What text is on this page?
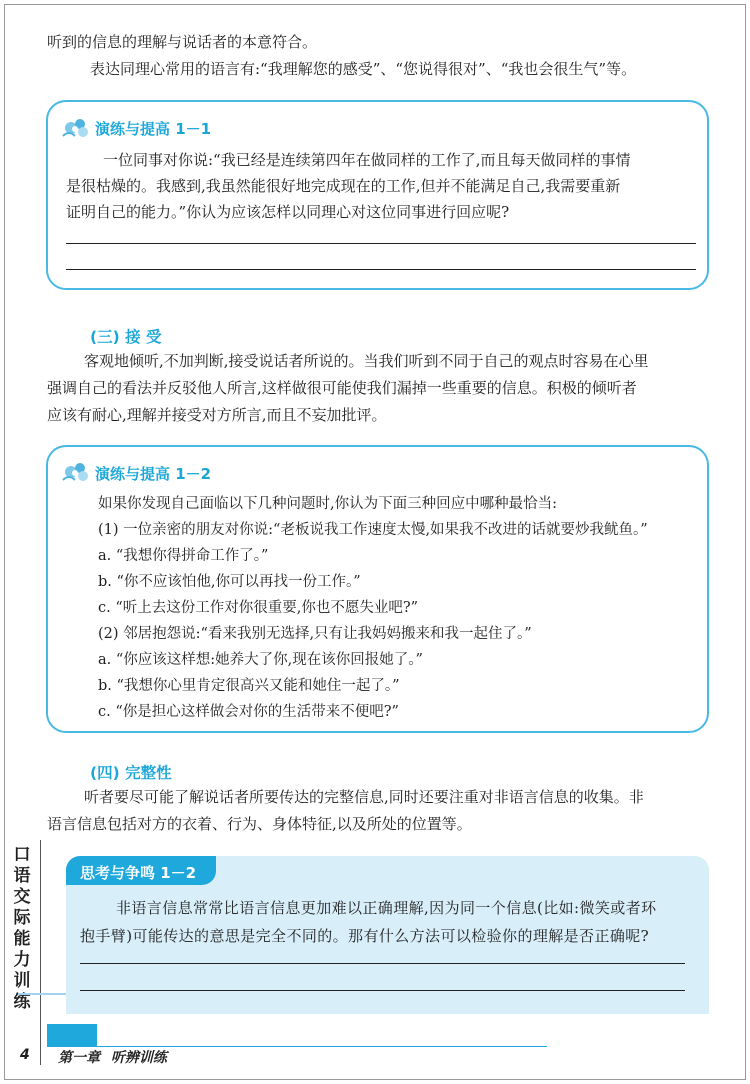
听到的信息的理解与说话者的本意符合。
表达同理心常用的语言有:“我理解您的感受”、“您说得很对”、“我也会很生气”等。
演练与提高 1－1
一位同事对你说:“我已经是连续第四年在做同样的工作了,而且每天做同样的事情
是很枯燥的。我感到,我虽然能很好地完成现在的工作,但并不能满足自己,我需要重新
证明自己的能力。”你认为应该怎样以同理心对这位同事进行回应呢?
(三) 接 受
客观地倾听,不加判断,接受说话者所说的。当我们听到不同于自己的观点时容易在心里
强调自己的看法并反驳他人所言,这样做很可能使我们漏掉一些重要的信息。积极的倾听者
应该有耐心,理解并接受对方所言,而且不妄加批评。
演练与提高 1－2
如果你发现自己面临以下几种问题时,你认为下面三种回应中哪种最恰当:
(1) 一位亲密的朋友对你说:“老板说我工作速度太慢,如果我不改进的话就要炒我鱿鱼。”
a. “我想你得拼命工作了。”
b. “你不应该怕他,你可以再找一份工作。”
c. “听上去这份工作对你很重要,你也不愿失业吧?”
(2) 邻居抱怨说:“看来我别无选择,只有让我妈妈搬来和我一起住了。”
a. “你应该这样想:她养大了你,现在该你回报她了。”
b. “我想你心里肯定很高兴又能和她住一起了。”
c. “你是担心这样做会对你的生活带来不便吧?”
(四) 完整性
听者要尽可能了解说话者所要传达的完整信息,同时还要注重对非语言信息的收集。非
语言信息包括对方的衣着、行为、身体特征,以及所处的位置等。
思考与争鸣 1－2
非语言信息常常比语言信息更加难以正确理解,因为同一个信息(比如:微笑或者环
抱手臂)可能传达的意思是完全不同的。那有什么方法可以检验你的理解是否正确呢?
口语交际能力训练
4 第一章 听辨训练
